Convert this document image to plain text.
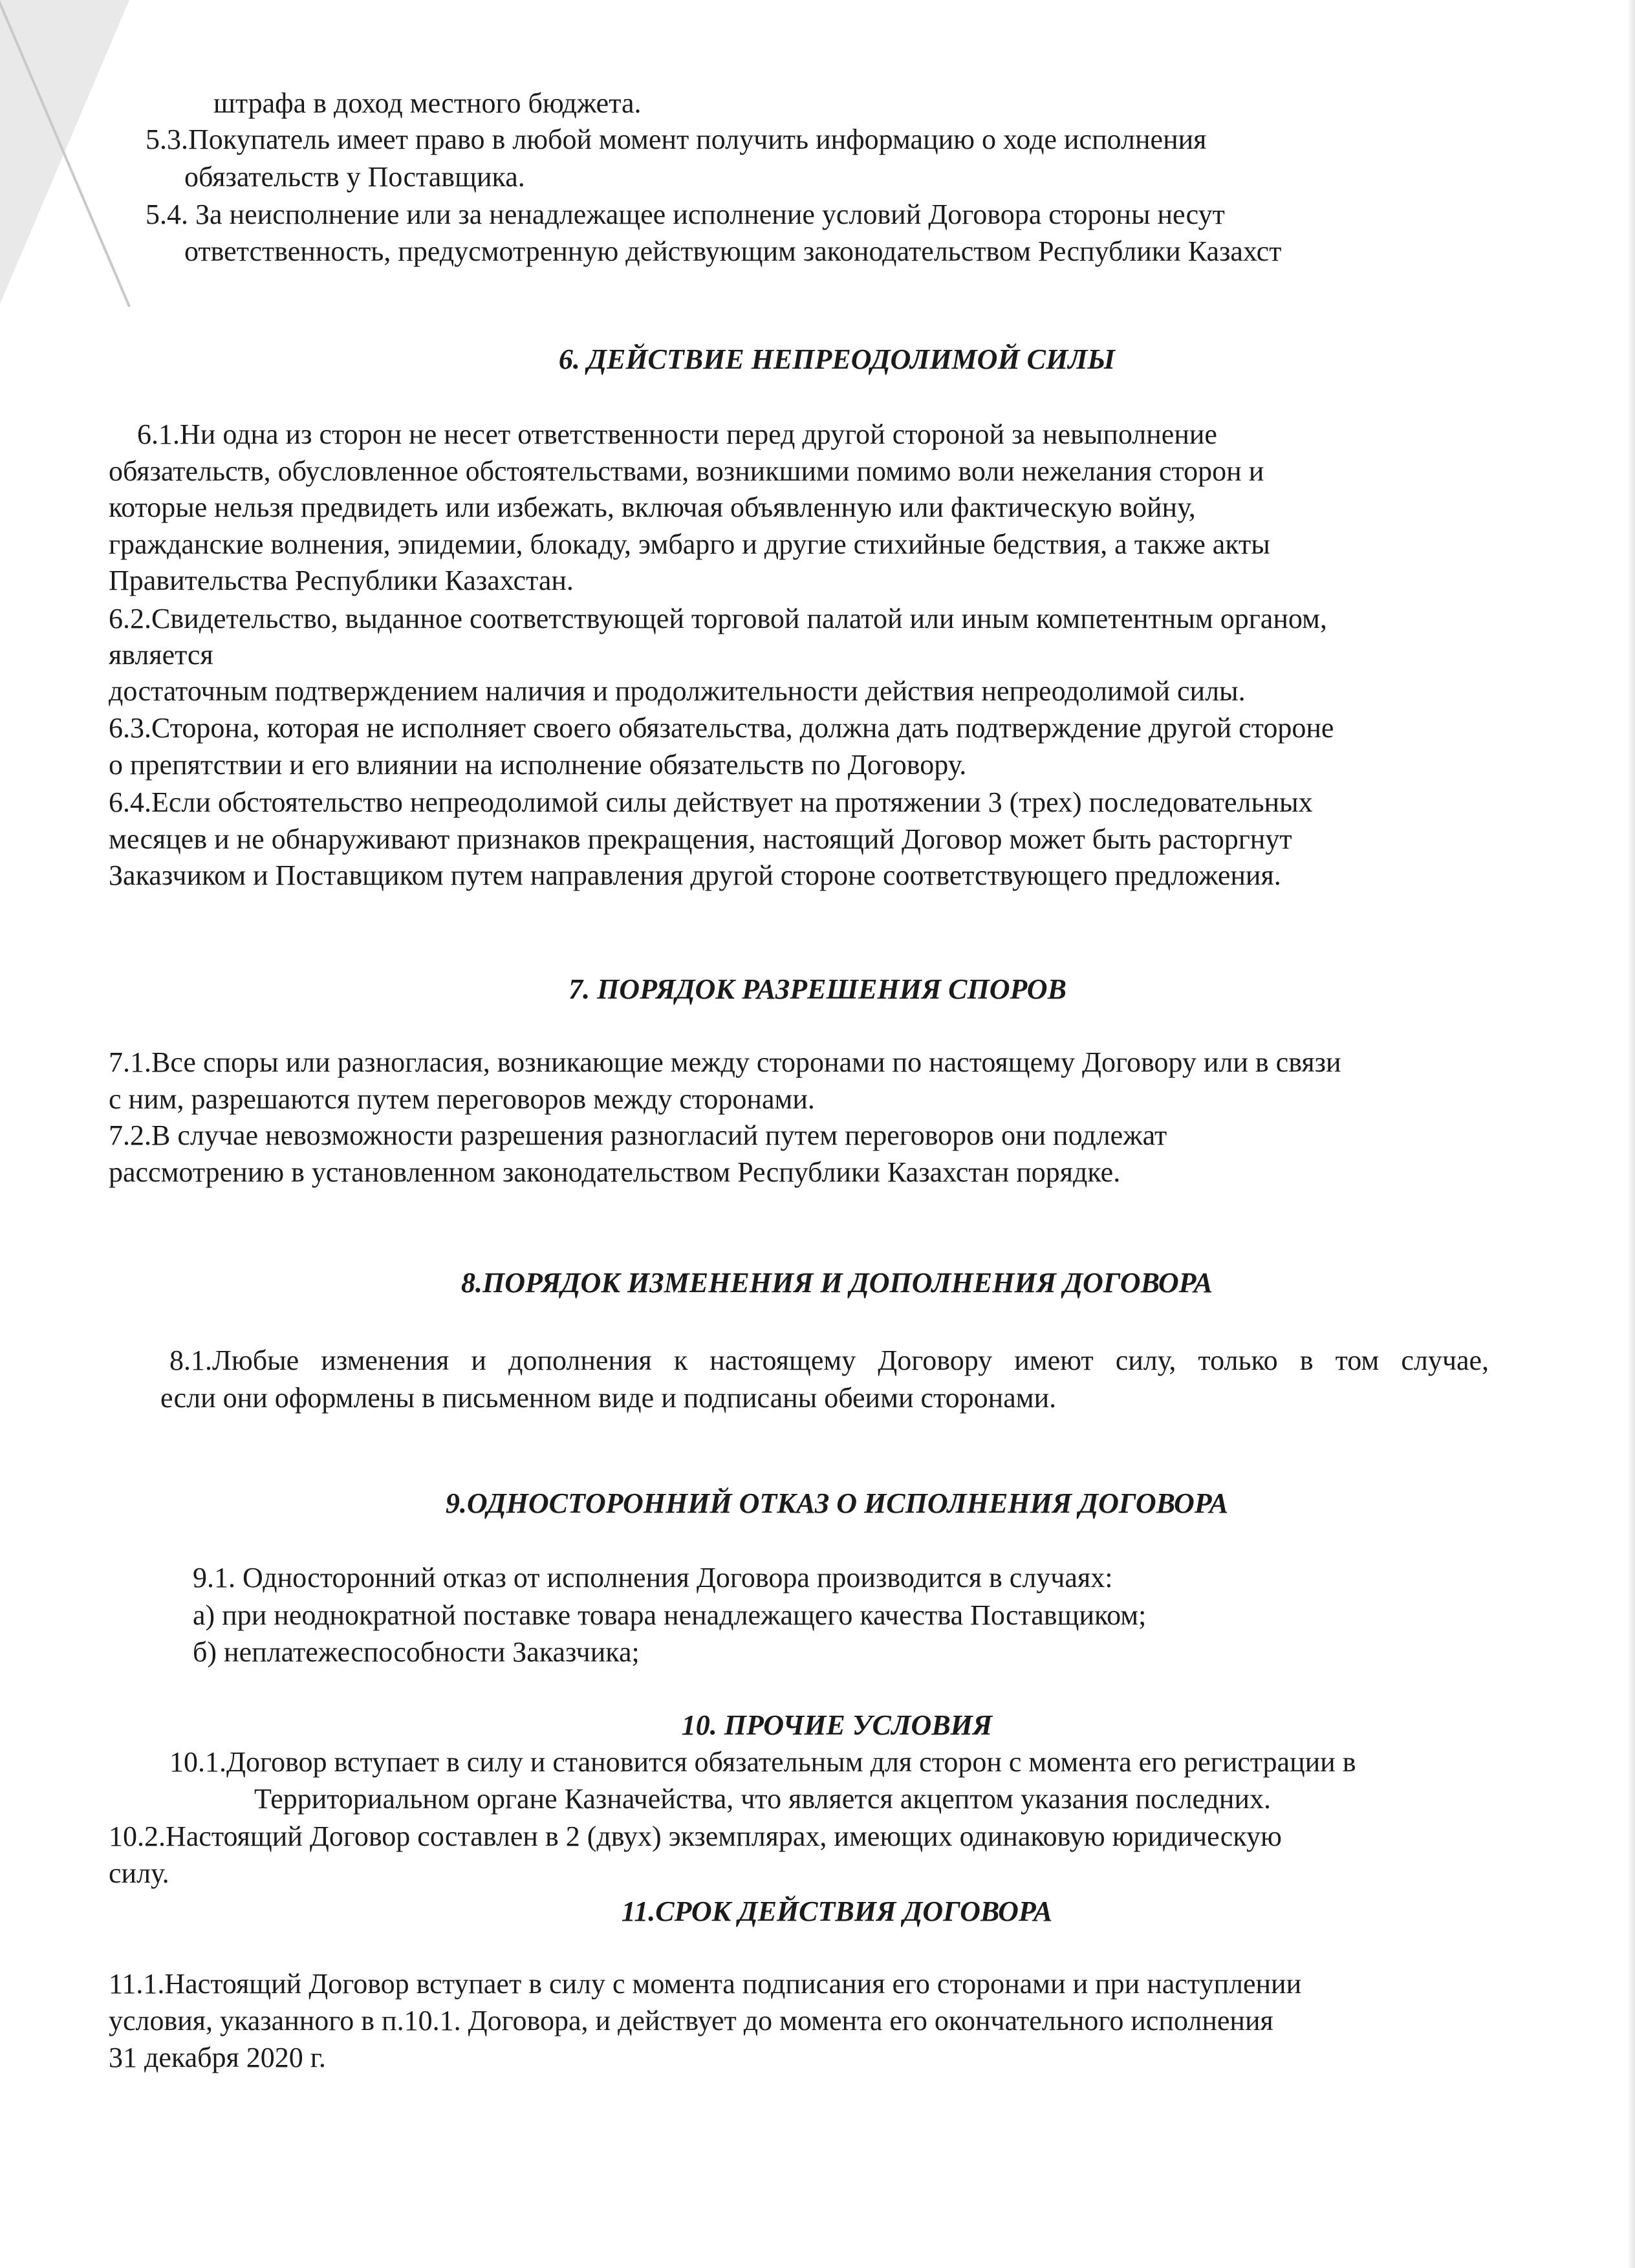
штрафа в доход местного бюджета.

5.3.Покупатель имеет право в любой момент получить информацию о ходе исполнения

обязательств у Поставщика.

5.4. За неисполнение или за ненадлежащее исполнение условий Договора стороны несут

ответственность, предусмотренную действующим законодательством Республики Казахст

6. ДЕЙСТВИЕ НЕПРЕОДОЛИМОЙ СИЛЫ

6.1.Ни одна из сторон не несет ответственности перед другой стороной за невыполнение

обязательств, обусловленное обстоятельствами, возникшими помимо воли нежелания сторон и

которые нельзя предвидеть или избежать, включая объявленную или фактическую войну,

гражданские волнения, эпидемии, блокаду, эмбарго и другие стихийные бедствия, а также акты

Правительства Республики Казахстан.

6.2.Свидетельство, выданное соответствующей торговой палатой или иным компетентным органом,

является

достаточным подтверждением наличия и продолжительности действия непреодолимой силы.

6.3.Сторона, которая не исполняет своего обязательства, должна дать подтверждение другой стороне

о препятствии и его влиянии на исполнение обязательств по Договору.

6.4.Если обстоятельство непреодолимой силы действует на протяжении 3 (трех) последовательных

месяцев и не обнаруживают признаков прекращения, настоящий Договор может быть расторгнут

Заказчиком и Поставщиком путем направления другой стороне соответствующего предложения.

7. ПОРЯДОК РАЗРЕШЕНИЯ СПОРОВ

7.1.Все споры или разногласия, возникающие между сторонами по настоящему Договору или в связи

с ним, разрешаются путем переговоров между сторонами.

7.2.В случае невозможности разрешения разногласий путем переговоров они подлежат

рассмотрению в установленном законодательством Республики Казахстан порядке.

8.ПОРЯДОК ИЗМЕНЕНИЯ И ДОПОЛНЕНИЯ ДОГОВОРА

8.1.Любые изменения и дополнения к настоящему Договору имеют силу, только в том случае,

если они оформлены в письменном виде и подписаны обеими сторонами.

9.ОДНОСТОРОННИЙ ОТКАЗ О ИСПОЛНЕНИЯ ДОГОВОРА

9.1. Односторонний отказ от исполнения Договора производится в случаях:

а) при неоднократной поставке товара ненадлежащего качества Поставщиком;

б) неплатежеспособности Заказчика;

10. ПРОЧИЕ УСЛОВИЯ

10.1.Договор вступает в силу и становится обязательным для сторон с момента его регистрации в

Территориальном органе Казначейства, что является акцептом указания последних.

10.2.Настоящий Договор составлен в 2 (двух) экземплярах, имеющих одинаковую юридическую

силу.

11.СРОК ДЕЙСТВИЯ ДОГОВОРА

11.1.Настоящий Договор вступает в силу с момента подписания его сторонами и при наступлении

условия, указанного в п.10.1. Договора, и действует до момента его окончательного исполнения

31 декабря 2020 г.
